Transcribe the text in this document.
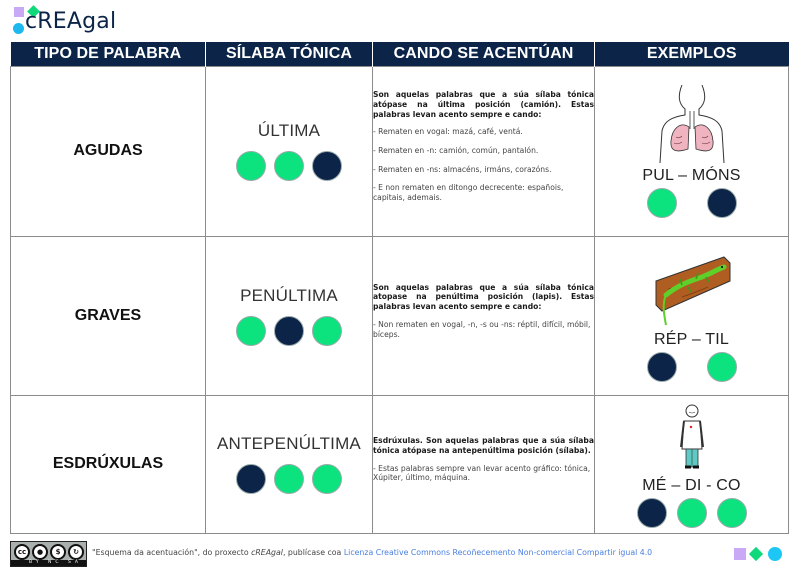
cREAgal
TIPO DE PALABRA	SÍLABA TÓNICA	CANDO SE ACENTÚAN	EXEMPLOS
AGUDAS	ÚLTIMA	Son aquelas palabras que a súa sílaba tónica atópase na última posición (camión). Estas palabras levan acento sempre e cando:
- Rematen en vogal: mazá, café, ventá.
- Rematen en -n: camión, común, pantalón.
- Rematen en -ns: almacéns, irmáns, corazóns.
- E non rematen en ditongo decrecente: españois, capitais, ademais.	PUL – MÓNS

GRAVES	PENÚLTIMA	Son aquelas palabras que a súa sílaba tónica atopase na penúltima posición (lapis). Estas palabras levan acento sempre e cando:
- Non rematen en vogal, -n, -s ou -ns: réptil, difícil, móbil, bíceps.	RÉP – TIL

ESDRÚXULAS	ANTEPENÚLTIMA	Esdrúxulas. Son aquelas palabras que a súa sílaba tónica atópase na antepenúltima posición (sílaba).
- Estas palabras sempre van levar acento gráfico: tónica, Xúpiter, último, máquina.	MÉ – DI - CO
cc	●	$	↻
BY NC SA
"Esquema da acentuación", do proxecto cREAgal, publícase coa Licenza Creative Commons Recoñecemento Non-comercial Compartir igual 4.0
